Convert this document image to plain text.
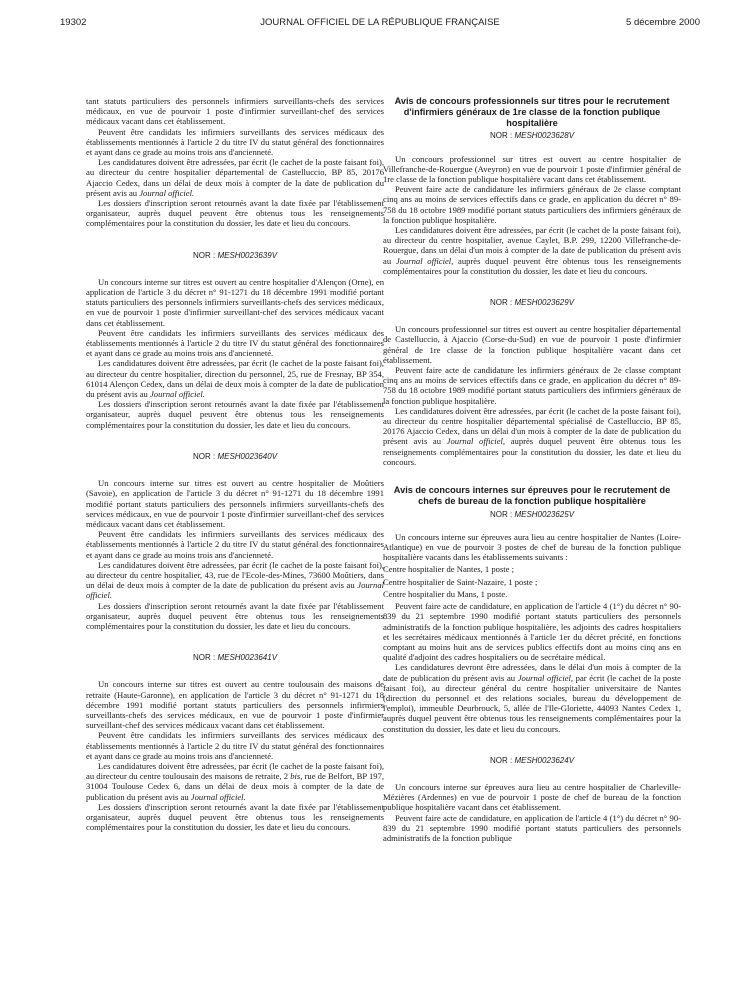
19302	JOURNAL OFFICIEL DE LA RÉPUBLIQUE FRANÇAISE	5 décembre 2000

tant statuts particuliers des personnels infirmiers surveillants-chefs des services médicaux, en vue de pourvoir 1 poste d'infirmier surveillant-chef des services médicaux vacant dans cet établissement.

Peuvent être candidats les infirmiers surveillants des services médicaux des établissements mentionnés à l'article 2 du titre IV du statut général des fonctionnaires et ayant dans ce grade au moins trois ans d'ancienneté.

Les candidatures doivent être adressées, par écrit (le cachet de la poste faisant foi), au directeur du centre hospitalier départemental de Castelluccio, BP 85, 20176 Ajaccio Cedex, dans un délai de deux mois à compter de la date de publication du présent avis au Journal officiel.

Les dossiers d'inscription seront retournés avant la date fixée par l'établissement organisateur, auprès duquel peuvent être obtenus tous les renseignements complémentaires pour la constitution du dossier, les date et lieu du concours.

NOR : MESH0023639V

Un concours interne sur titres est ouvert au centre hospitalier d'Alençon (Orne), en application de l'article 3 du décret n° 91-1271 du 18 décembre 1991 modifié portant statuts particuliers des personnels infirmiers surveillants-chefs des services médicaux, en vue de pourvoir 1 poste d'infirmier surveillant-chef des services médicaux vacant dans cet établissement.

Peuvent être candidats les infirmiers surveillants des services médicaux des établissements mentionnés à l'article 2 du titre IV du statut général des fonctionnaires et ayant dans ce grade au moins trois ans d'ancienneté.

Les candidatures doivent être adressées, par écrit (le cachet de la poste faisant foi), au directeur du centre hospitalier, direction du personnel, 25, rue de Fresnay, BP 354, 61014 Alençon Cedex, dans un délai de deux mois à compter de la date de publication du présent avis au Journal officiel.

Les dossiers d'inscription seront retournés avant la date fixée par l'établissement organisateur, auprès duquel peuvent être obtenus tous les renseignements complémentaires pour la constitution du dossier, les date et lieu du concours.

NOR : MESH0023640V

Un concours interne sur titres est ouvert au centre hospitalier de Moûtiers (Savoie), en application de l'article 3 du décret n° 91-1271 du 18 décembre 1991 modifié portant statuts particuliers des personnels infirmiers surveillants-chefs des services médicaux, en vue de pourvoir 1 poste d'infirmier surveillant-chef des services médicaux vacant dans cet établissement.

Peuvent être candidats les infirmiers surveillants des services médicaux des établissements mentionnés à l'article 2 du titre IV du statut général des fonctionnaires et ayant dans ce grade au moins trois ans d'ancienneté.

Les candidatures doivent être adressées, par écrit (le cachet de la poste faisant foi), au directeur du centre hospitalier, 43, rue de l'Ecole-des-Mines, 73600 Moûtiers, dans un délai de deux mois à compter de la date de publication du présent avis au Journal officiel.

Les dossiers d'inscription seront retournés avant la date fixée par l'établissement organisateur, auprès duquel peuvent être obtenus tous les renseignements complémentaires pour la constitution du dossier, les date et lieu du concours.

NOR : MESH0023641V

Un concours interne sur titres est ouvert au centre toulousain des maisons de retraite (Haute-Garonne), en application de l'article 3 du décret n° 91-1271 du 18 décembre 1991 modifié portant statuts particuliers des personnels infirmiers surveillants-chefs des services médicaux, en vue de pourvoir 1 poste d'infirmier surveillant-chef des services médicaux vacant dans cet établissement.

Peuvent être candidats les infirmiers surveillants des services médicaux des établissements mentionnés à l'article 2 du titre IV du statut général des fonctionnaires et ayant dans ce grade au moins trois ans d'ancienneté.

Les candidatures doivent être adressées, par écrit (le cachet de la poste faisant foi), au directeur du centre toulousain des maisons de retraite, 2 bis, rue de Belfort, BP 197, 31004 Toulouse Cedex 6, dans un délai de deux mois à compter de la date de publication du présent avis au Journal officiel.

Les dossiers d'inscription seront retournés avant la date fixée par l'établissement organisateur, auprès duquel peuvent être obtenus tous les renseignements complémentaires pour la constitution du dossier, les date et lieu du concours.

Avis de concours professionnels sur titres pour le recrutement d'infirmiers généraux de 1re classe de la fonction publique hospitalière
NOR : MESH0023628V

Un concours professionnel sur titres est ouvert au centre hospitalier de Villefranche-de-Rouergue (Aveyron) en vue de pourvoir 1 poste d'infirmier général de 1re classe de la fonction publique hospitalière vacant dans cet établissement.

Peuvent faire acte de candidature les infirmiers généraux de 2e classe comptant cinq ans au moins de services effectifs dans ce grade, en application du décret n° 89-758 du 18 octobre 1989 modifié portant statuts particuliers des infirmiers généraux de la fonction publique hospitalière.

Les candidatures doivent être adressées, par écrit (le cachet de la poste faisant foi), au directeur du centre hospitalier, avenue Caylet, B.P. 299, 12200 Villefranche-de-Rouergue, dans un délai d'un mois à compter de la date de publication du présent avis au Journal officiel, auprès duquel peuvent être obtenus tous les renseignements complémentaires pour la constitution du dossier, les date et lieu du concours.

NOR : MESH0023629V

Un concours professionnel sur titres est ouvert au centre hospitalier départemental de Castelluccio, à Ajaccio (Corse-du-Sud) en vue de pourvoir 1 poste d'infirmier général de 1re classe de la fonction publique hospitalière vacant dans cet établissement.

Peuvent faire acte de candidature les infirmiers généraux de 2e classe comptant cinq ans au moins de services effectifs dans ce grade, en application du décret n° 89-758 du 18 octobre 1989 modifié portant statuts particuliers des infirmiers généraux de la fonction publique hospitalière.

Les candidatures doivent être adressées, par écrit (le cachet de la poste faisant foi), au directeur du centre hospitalier départemental spécialisé de Castelluccio, BP 85, 20176 Ajaccio Cedex, dans un délai d'un mois à compter de la date de publication du présent avis au Journal officiel, auprès duquel peuvent être obtenus tous les renseignements complémentaires pour la constitution du dossier, les date et lieu du concours.

Avis de concours internes sur épreuves pour le recrutement de chefs de bureau de la fonction publique hospitalière
NOR : MESH0023625V

Un concours interne sur épreuves aura lieu au centre hospitalier de Nantes (Loire-Atlantique) en vue de pourvoir 3 postes de chef de bureau de la fonction publique hospitalière vacants dans les établissements suivants :

Centre hospitalier de Nantes, 1 poste ;

Centre hospitalier de Saint-Nazaire, 1 poste ;

Centre hospitalier du Mans, 1 poste.

Peuvent faire acte de candidature, en application de l'article 4 (1°) du décret n° 90-839 du 21 septembre 1990 modifié portant statuts particuliers des personnels administratifs de la fonction publique hospitalière, les adjoints des cadres hospitaliers et les secrétaires médicaux mentionnés à l'article 1er du décret précité, en fonctions comptant au moins huit ans de services publics effectifs dont au moins cinq ans en qualité d'adjoint des cadres hospitaliers ou de secrétaire médical.

Les candidatures devront être adressées, dans le délai d'un mois à compter de la date de publication du présent avis au Journal officiel, par écrit (le cachet de la poste faisant foi), au directeur général du centre hospitalier universitaire de Nantes (direction du personnel et des relations sociales, bureau du développement de l'emploi), immeuble Deurbrouck, 5, allée de l'Ile-Gloriette, 44093 Nantes Cedex 1, auprès duquel peuvent être obtenus tous les renseignements complémentaires pour la constitution du dossier, les date et lieu du concours.

NOR : MESH0023624V

Un concours interne sur épreuves aura lieu au centre hospitalier de Charleville-Mézières (Ardennes) en vue de pourvoir 1 poste de chef de bureau de la fonction publique hospitalière vacant dans cet établissement.

Peuvent faire acte de candidature, en application de l'article 4 (1°) du décret n° 90-839 du 21 septembre 1990 modifié portant statuts particuliers des personnels administratifs de la fonction publique
